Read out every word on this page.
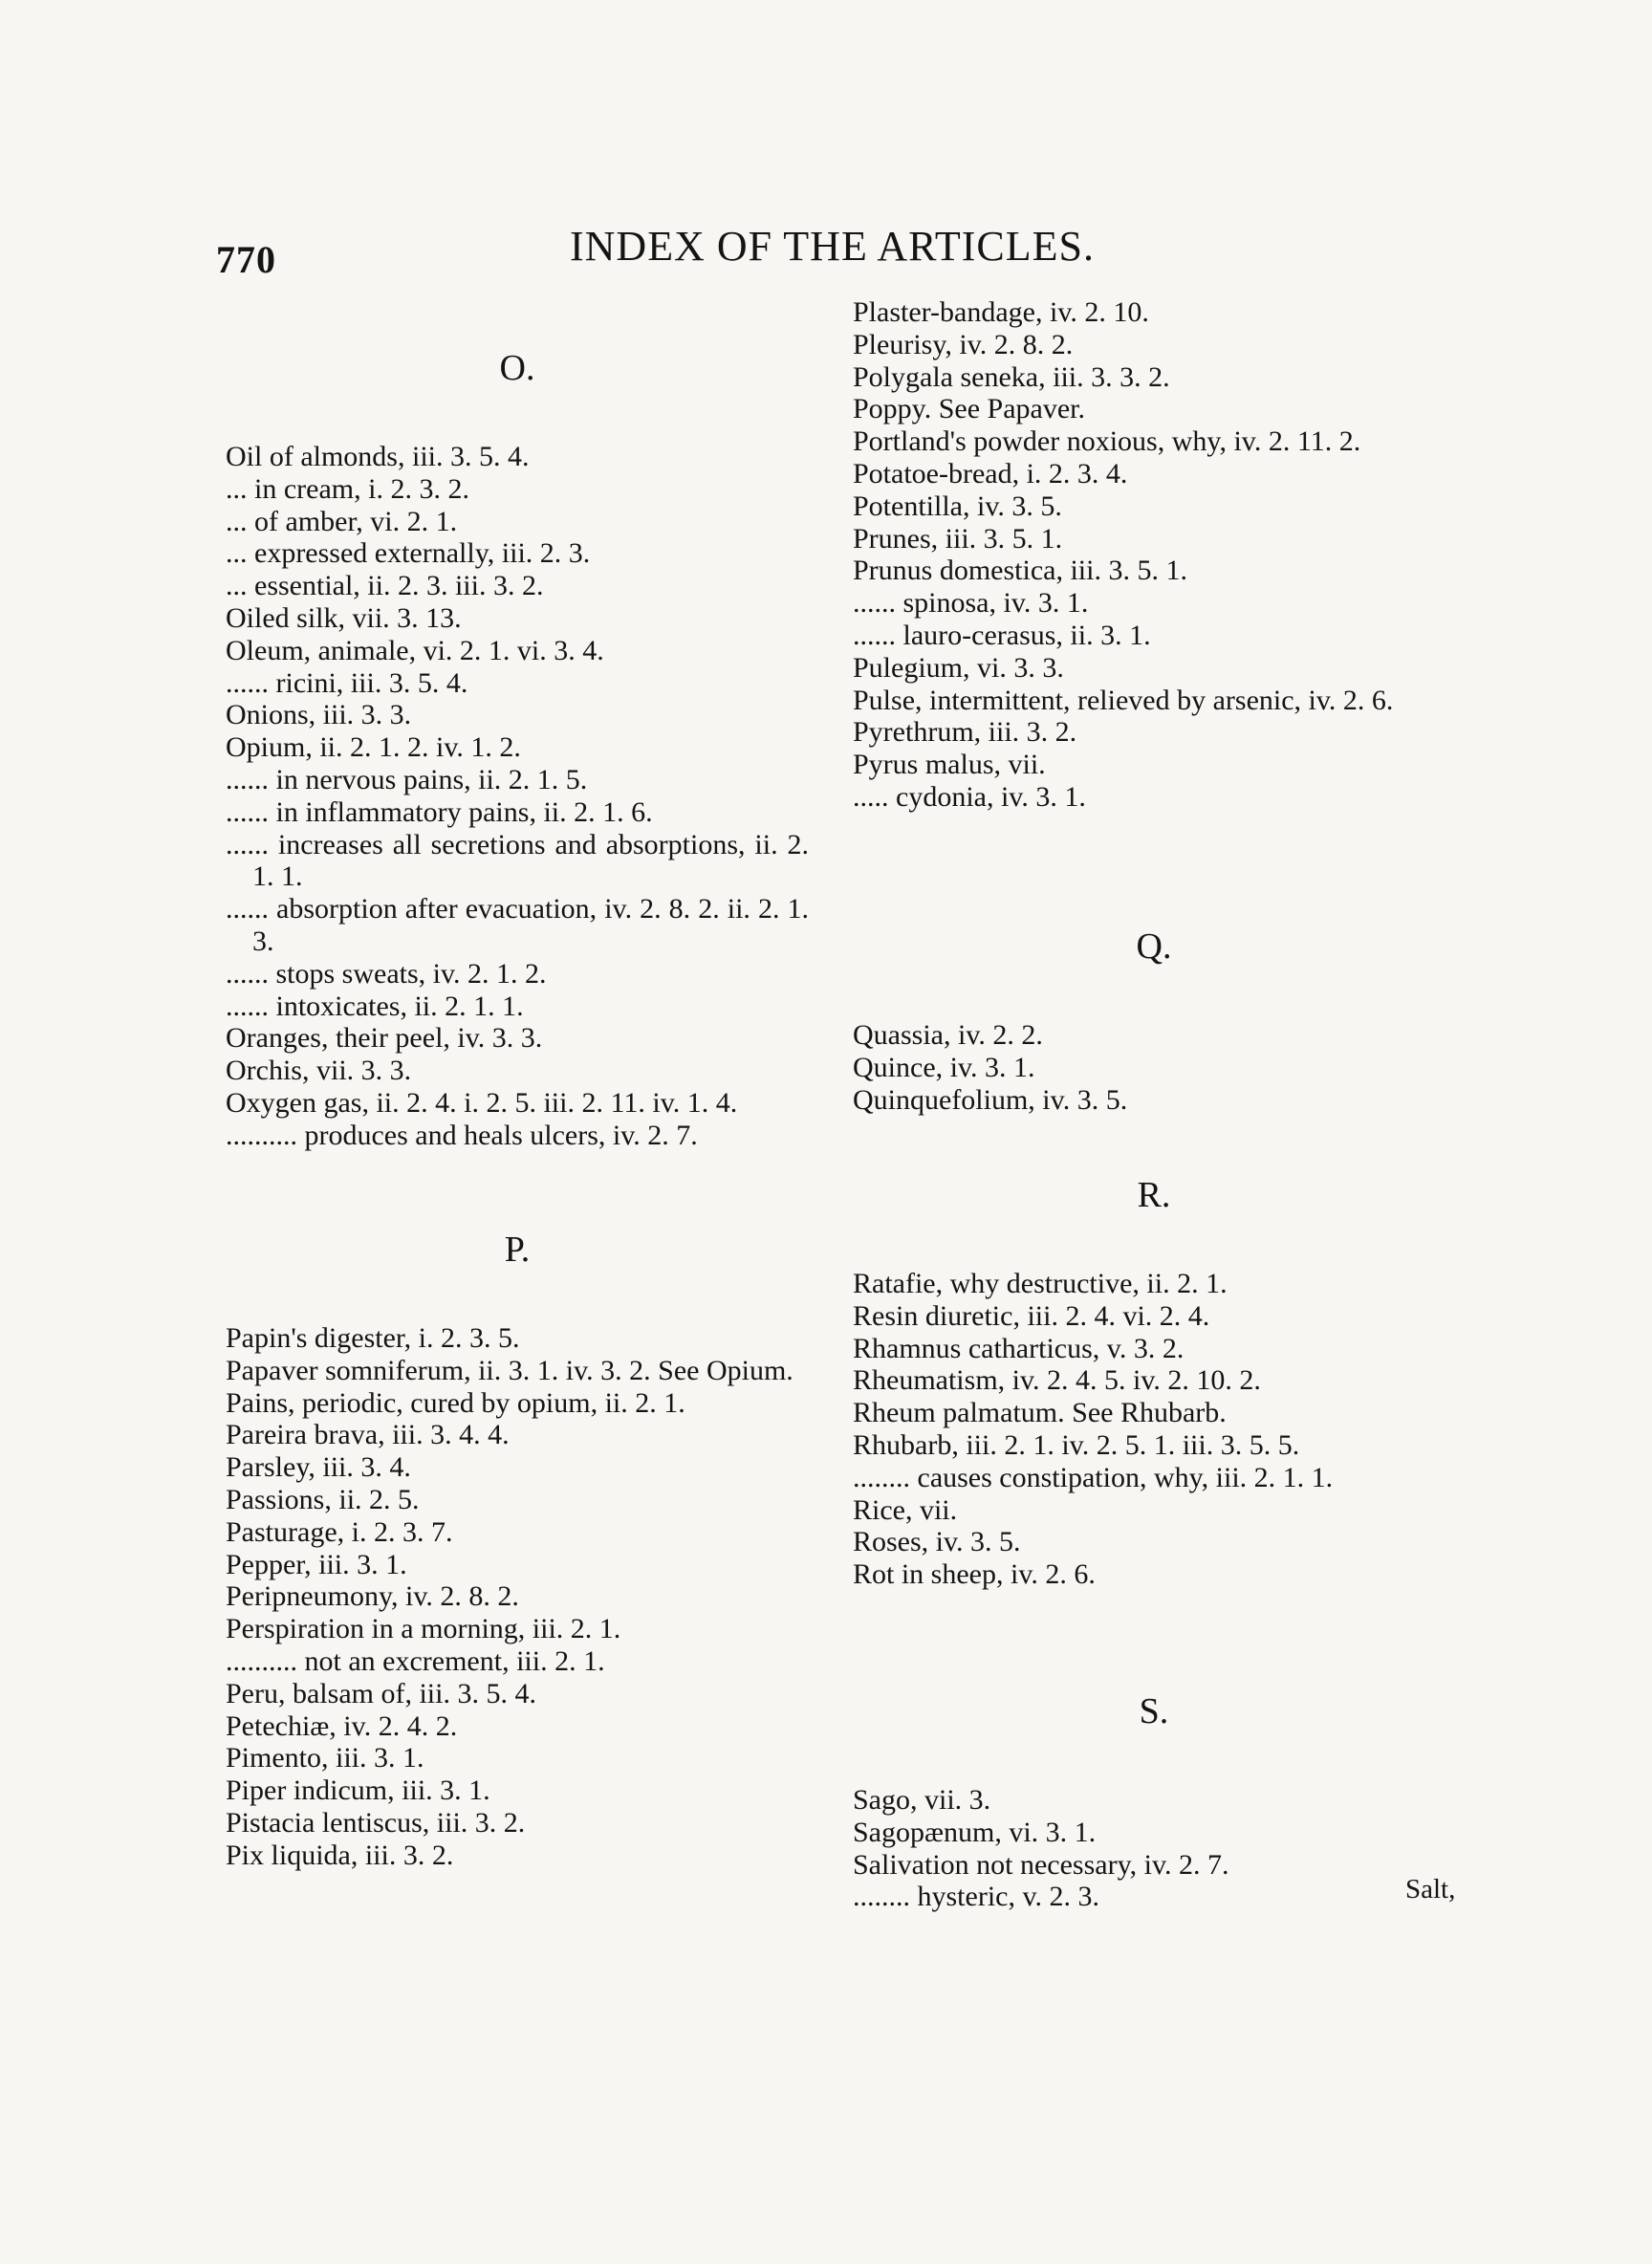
770	INDEX OF THE ARTICLES.
O.

Oil of almonds, iii. 3. 5. 4.

... in cream, i. 2. 3. 2.

... of amber, vi. 2. 1.

... expressed externally, iii. 2. 3.

... essential, ii. 2. 3. iii. 3. 2.

Oiled silk, vii. 3. 13.

Oleum, animale, vi. 2. 1. vi. 3. 4.

...... ricini, iii. 3. 5. 4.

Onions, iii. 3. 3.

Opium, ii. 2. 1. 2. iv. 1. 2.

...... in nervous pains, ii. 2. 1. 5.

...... in inflammatory pains, ii. 2. 1. 6.

...... increases all secretions and absorptions, ii. 2. 1. 1.

...... absorption after evacuation, iv. 2. 8. 2. ii. 2. 1. 3.

...... stops sweats, iv. 2. 1. 2.

...... intoxicates, ii. 2. 1. 1.

Oranges, their peel, iv. 3. 3.

Orchis, vii. 3. 3.

Oxygen gas, ii. 2. 4. i. 2. 5. iii. 2. 11. iv. 1. 4.

.......... produces and heals ulcers, iv. 2. 7.

P.

Papin's digester, i. 2. 3. 5.

Papaver somniferum, ii. 3. 1. iv. 3. 2. See Opium.

Pains, periodic, cured by opium, ii. 2. 1.

Pareira brava, iii. 3. 4. 4.

Parsley, iii. 3. 4.

Passions, ii. 2. 5.

Pasturage, i. 2. 3. 7.

Pepper, iii. 3. 1.

Peripneumony, iv. 2. 8. 2.

Perspiration in a morning, iii. 2. 1.

.......... not an excrement, iii. 2. 1.

Peru, balsam of, iii. 3. 5. 4.

Petechiæ, iv. 2. 4. 2.

Pimento, iii. 3. 1.

Piper indicum, iii. 3. 1.

Pistacia lentiscus, iii. 3. 2.

Pix liquida, iii. 3. 2.

Plaster-bandage, iv. 2. 10.

Pleurisy, iv. 2. 8. 2.

Polygala seneka, iii. 3. 3. 2.

Poppy. See Papaver.

Portland's powder noxious, why, iv. 2. 11. 2.

Potatoe-bread, i. 2. 3. 4.

Potentilla, iv. 3. 5.

Prunes, iii. 3. 5. 1.

Prunus domestica, iii. 3. 5. 1.

...... spinosa, iv. 3. 1.

...... lauro-cerasus, ii. 3. 1.

Pulegium, vi. 3. 3.

Pulse, intermittent, relieved by arsenic, iv. 2. 6.

Pyrethrum, iii. 3. 2.

Pyrus malus, vii.

..... cydonia, iv. 3. 1.

Q.

Quassia, iv. 2. 2.

Quince, iv. 3. 1.

Quinquefolium, iv. 3. 5.

R.

Ratafie, why destructive, ii. 2. 1.

Resin diuretic, iii. 2. 4. vi. 2. 4.

Rhamnus catharticus, v. 3. 2.

Rheumatism, iv. 2. 4. 5. iv. 2. 10. 2.

Rheum palmatum. See Rhubarb.

Rhubarb, iii. 2. 1. iv. 2. 5. 1. iii. 3. 5. 5.

........ causes constipation, why, iii. 2. 1. 1.

Rice, vii.

Roses, iv. 3. 5.

Rot in sheep, iv. 2. 6.

S.

Sago, vii. 3.

Sagopænum, vi. 3. 1.

Salivation not necessary, iv. 2. 7.

........ hysteric, v. 2. 3.	Salt,
